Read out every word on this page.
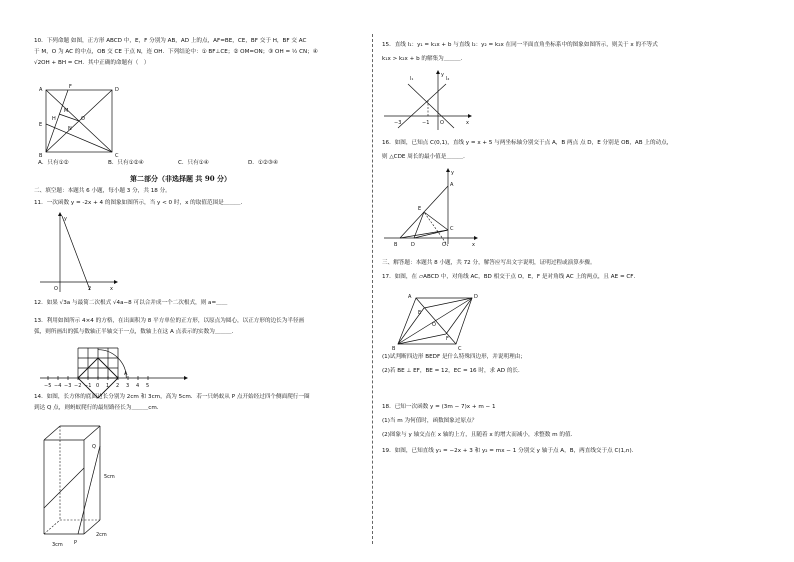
10．下列命题 如图，正方形 ABCD 中，E，F 分别为 AB，AD 上的点，AF=BE，CE，BF 交于 H，BF 交 AC
于 M，O 为 AC 的中点，OB 交 CE 于点 N，连 OH．下列结论中：① BF⊥CE；② OM=ON；③ OH = ½ CN；④
√2OH + BH = CH．其中正确的命题有（　）
A	F	D
M
E
H	O
N
B	C
A．只有①②	B．只有①②④	C．只有①④	D．①②③④
第二部分（非选择题 共 90 分）
二、填空题：本题共 6 小题，每小题 3 分，共 18 分。
11．一次函数 y = -2x + 4 的图象如图所示，当 y < 0 时，x 的取值范围是＿＿＿．
y
O	2	x
12．如果 √3a 与最简二次根式 √4a−8 可以合并成一个二次根式，则 a=＿＿
13．利用如图所示 4×4 的方格，在出面积为 8 平方单位的正方形，以原点为圆心，以正方形的边长为半径画
弧，则所画出的弧与数轴正半轴交于一点，数轴上在这 A 点表示的实数为＿＿＿．
−5 −4 −3 −2 −1 0 1 2 3 4 5
A
14．如图，长方体的底面边长分别为 2cm 和 3cm，高为 5cm．若一只蚂蚁从 P 点开始经过四个侧面爬行一圈
到达 Q 点，则蚂蚁爬行的最短路径长为＿＿＿cm．
Q
5cm
2cm
3cm P
15．直线 l₁：y₁ = k₁x + b 与直线 l₂：y₂ = k₂x 在同一平面直角坐标系中的图象如图所示，则关于 x 的不等式
k₁x > k₂x + b 的解集为＿＿＿．
y
l₁	l₂
−3	−1 O	x
16．如图，已知点 C(0,1)，直线 y = x + 5 与两坐标轴分别交于点 A，B 两点 点 D，E 分别是 OB，AB 上的动点，
则 △CDE 周长的最小值是＿＿＿．
y
A
E
C
B	D	O	x
三、解答题：本题共 8 小题，共 72 分，解答应写出文字说明，证明过程或演算步骤。
17．如图，在 ▱ABCD 中，对角线 AC，BD 相交于点 O，E，F 是对角线 AC 上的两点，且 AE = CF．
A	D
E
O
F
B	C
(1)试判断四边形 BEDF 是什么特殊四边形，并说明理由；
(2)若 BE ⊥ EF，BE = 12，EC = 16 时，求 AD 的长．
18．已知一次函数 y = (3m − 7)x + m − 1
(1)当 m 为何值时，函数图象过原点？
(2)图象与 y 轴交点在 x 轴的上方，且随着 x 的增大而减小，求整数 m 的值．
19．如图，已知直线 y₁ = −2x + 3 和 y₂ = mx − 1 分别交 y 轴于点 A，B，两直线交于点 C(1,n)．
